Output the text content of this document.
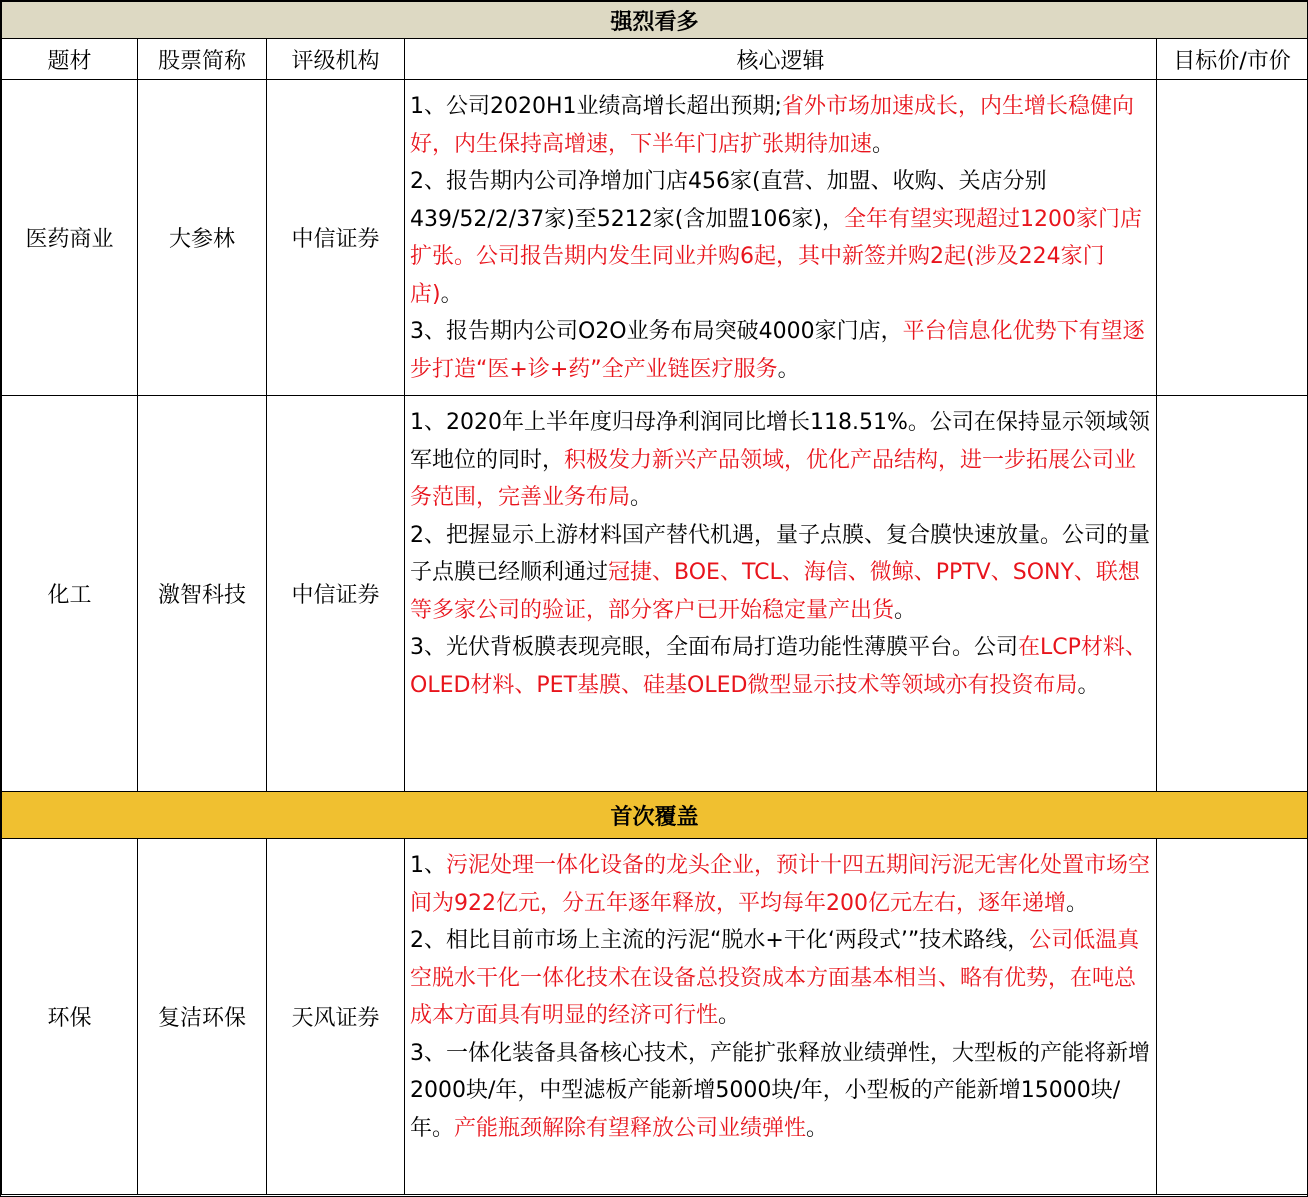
强烈看多				
题材	股票简称	评级机构	核心逻辑	目标价/市价
医药商业	大参林	中信证券	1、公司2020H1业绩高增长超出预期;省外市场加速成长，内生增长稳健向好，内生保持高增速，下半年门店扩张期待加速。

2、报告期内公司净增加门店456家(直营、加盟、收购、关店分别439/52/2/37家)至5212家(含加盟106家)，全年有望实现超过1200家门店扩张。公司报告期内发生同业并购6起，其中新签并购2起(涉及224家门店)。

3、报告期内公司O2O业务布局突破4000家门店，平台信息化优势下有望逐步打造“医+诊+药”全产业链医疗服务。	

化工	激智科技	中信证券	1、2020年上半年度归母净利润同比增长118.51%。公司在保持显示领域领军地位的同时，积极发力新兴产品领域，优化产品结构，进一步拓展公司业务范围，完善业务布局。

2、把握显示上游材料国产替代机遇，量子点膜、复合膜快速放量。公司的量子点膜已经顺利通过冠捷、BOE、TCL、海信、微鲸、PPTV、SONY、联想等多家公司的验证，部分客户已开始稳定量产出货。

3、光伏背板膜表现亮眼，全面布局打造功能性薄膜平台。公司在LCP材料、OLED材料、PET基膜、硅基OLED微型显示技术等领域亦有投资布局。	

首次覆盖				
环保	复洁环保	天风证券	1、污泥处理一体化设备的龙头企业，预计十四五期间污泥无害化处置市场空间为922亿元，分五年逐年释放，平均每年200亿元左右，逐年递增。

2、相比目前市场上主流的污泥“脱水+干化‘两段式’”技术路线，公司低温真空脱水干化一体化技术在设备总投资成本方面基本相当、略有优势，在吨总成本方面具有明显的经济可行性。

3、一体化装备具备核心技术，产能扩张释放业绩弹性，大型板的产能将新增2000块/年，中型滤板产能新增5000块/年，小型板的产能新增15000块/年。产能瓶颈解除有望释放公司业绩弹性。	
